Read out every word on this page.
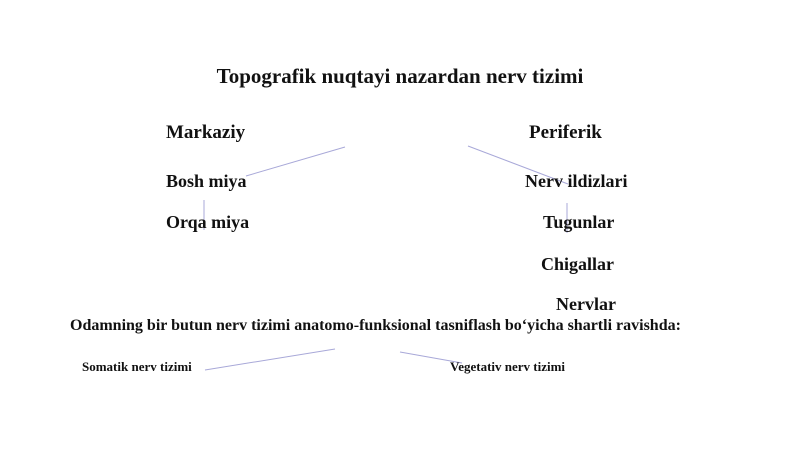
Topografik nuqtayi nazardan nerv tizimi
Markaziy	Periferik
Bosh miya
Orqa miya
Nerv ildizlari
Tugunlar
Chigallar
Nervlar
Odamning bir butun nerv tizimi anatomo-funksional tasniflash bo‘yicha shartli ravishda:
Somatik nerv tizimi	Vegetativ nerv tizimi
